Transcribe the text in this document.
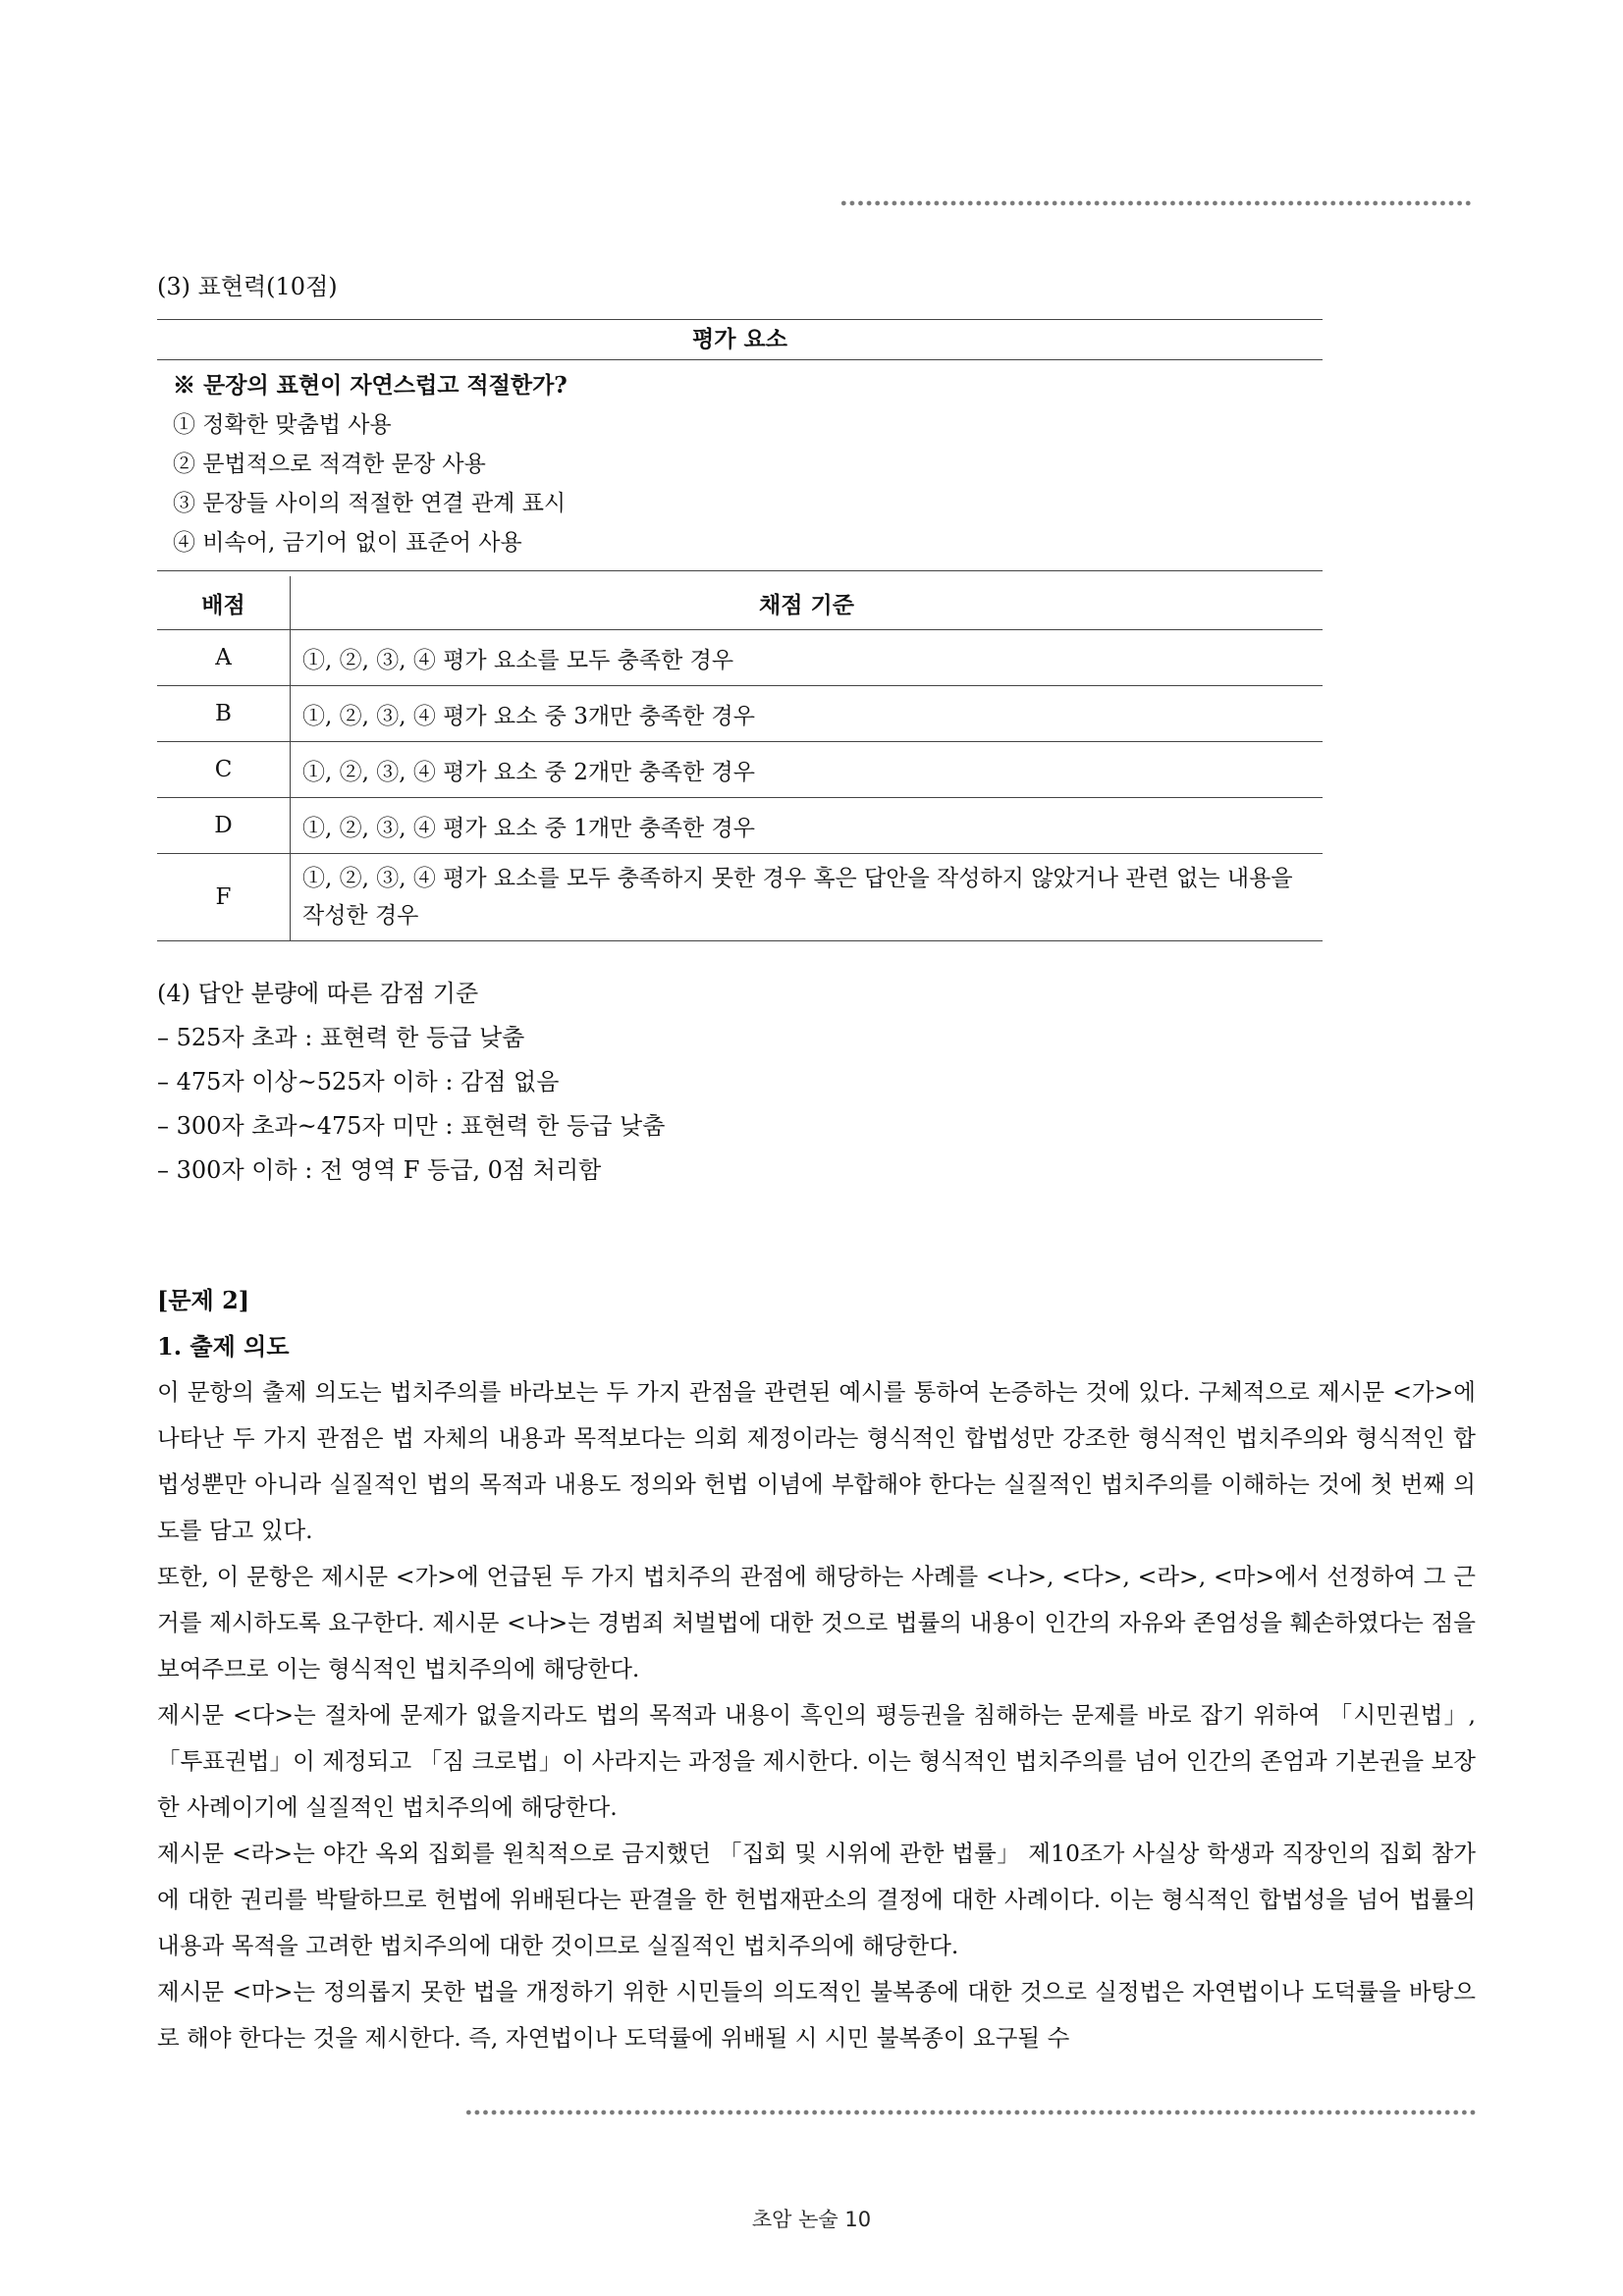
(3) 표현력(10점)
평가 요소
※ 문장의 표현이 자연스럽고 적절한가?
① 정확한 맞춤법 사용
② 문법적으로 적격한 문장 사용
③ 문장들 사이의 적절한 연결 관계 표시
④ 비속어, 금기어 없이 표준어 사용
배점	채점 기준
A	①, ②, ③, ④ 평가 요소를 모두 충족한 경우
B	①, ②, ③, ④ 평가 요소 중 3개만 충족한 경우
C	①, ②, ③, ④ 평가 요소 중 2개만 충족한 경우
D	①, ②, ③, ④ 평가 요소 중 1개만 충족한 경우
F	①, ②, ③, ④ 평가 요소를 모두 충족하지 못한 경우 혹은 답안을 작성하지 않았거나 관련 없는 내용을 작성한 경우
(4) 답안 분량에 따른 감점 기준
– 525자 초과 : 표현력 한 등급 낮춤
– 475자 이상~525자 이하 : 감점 없음
– 300자 초과~475자 미만 : 표현력 한 등급 낮춤
– 300자 이하 : 전 영역 F 등급, 0점 처리함
[문제 2]
1. 출제 의도

이 문항의 출제 의도는 법치주의를 바라보는 두 가지 관점을 관련된 예시를 통하여 논증하는 것에 있다. 구체적으로 제시문 <가>에 나타난 두 가지 관점은 법 자체의 내용과 목적보다는 의회 제정이라는 형식적인 합법성만 강조한 형식적인 법치주의와 형식적인 합법성뿐만 아니라 실질적인 법의 목적과 내용도 정의와 헌법 이념에 부합해야 한다는 실질적인 법치주의를 이해하는 것에 첫 번째 의도를 담고 있다.

또한, 이 문항은 제시문 <가>에 언급된 두 가지 법치주의 관점에 해당하는 사례를 <나>, <다>, <라>, <마>에서 선정하여 그 근거를 제시하도록 요구한다. 제시문 <나>는 경범죄 처벌법에 대한 것으로 법률의 내용이 인간의 자유와 존엄성을 훼손하였다는 점을 보여주므로 이는 형식적인 법치주의에 해당한다.

제시문 <다>는 절차에 문제가 없을지라도 법의 목적과 내용이 흑인의 평등권을 침해하는 문제를 바로 잡기 위하여 「시민권법」, 「투표권법」이 제정되고 「짐 크로법」이 사라지는 과정을 제시한다. 이는 형식적인 법치주의를 넘어 인간의 존엄과 기본권을 보장한 사례이기에 실질적인 법치주의에 해당한다.

제시문 <라>는 야간 옥외 집회를 원칙적으로 금지했던 「집회 및 시위에 관한 법률」 제10조가 사실상 학생과 직장인의 집회 참가에 대한 권리를 박탈하므로 헌법에 위배된다는 판결을 한 헌법재판소의 결정에 대한 사례이다. 이는 형식적인 합법성을 넘어 법률의 내용과 목적을 고려한 법치주의에 대한 것이므로 실질적인 법치주의에 해당한다.

제시문 <마>는 정의롭지 못한 법을 개정하기 위한 시민들의 의도적인 불복종에 대한 것으로 실정법은 자연법이나 도덕률을 바탕으로 해야 한다는 것을 제시한다. 즉, 자연법이나 도덕률에 위배될 시 시민 불복종이 요구될 수

초암 논술 10
